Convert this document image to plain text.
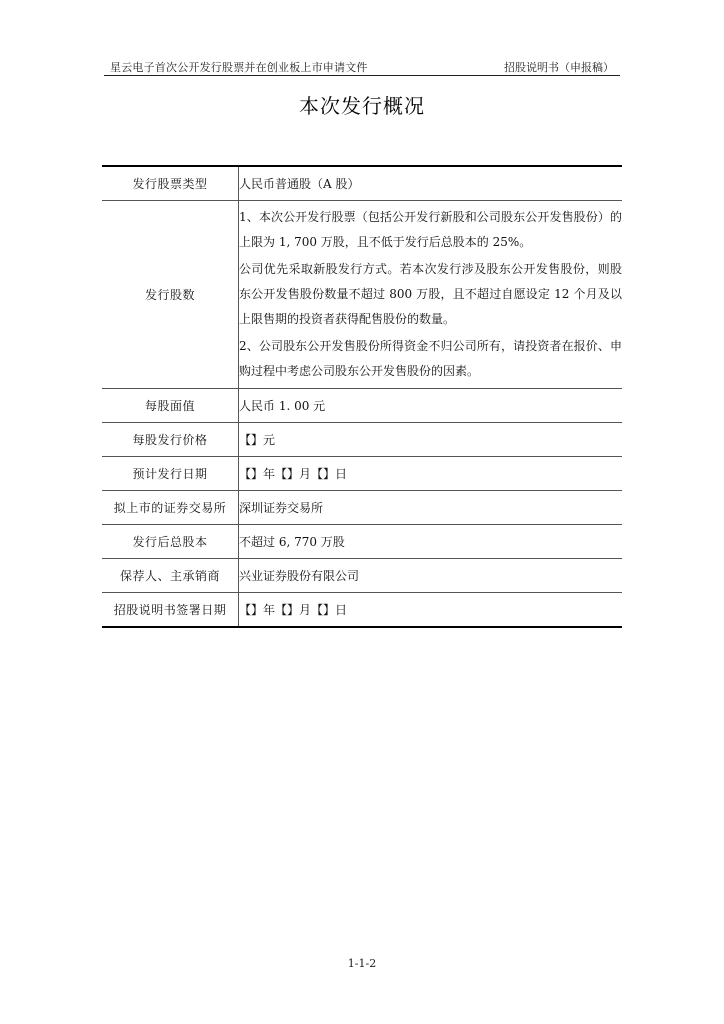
星云电子首次公开发行股票并在创业板上市申请文件	招股说明书（申报稿）
本次发行概况
发行股票类型	人民币普通股（A 股）
发行股数	1、本次公开发行股票（包括公开发行新股和公司股东公开发售股份）的上限为 1, 700 万股，且不低于发行后总股本的 25%。
公司优先采取新股发行方式。若本次发行涉及股东公开发售股份，则股东公开发售股份数量不超过 800 万股，且不超过自愿设定 12 个月及以上限售期的投资者获得配售股份的数量。
2、公司股东公开发售股份所得资金不归公司所有，请投资者在报价、申购过程中考虑公司股东公开发售股份的因素。

每股面值	人民币 1. 00 元
每股发行价格	【】元
预计发行日期	【】年【】月【】日
拟上市的证券交易所	深圳证券交易所
发行后总股本	不超过 6, 770 万股
保荐人、主承销商	兴业证券股份有限公司
招股说明书签署日期	【】年【】月【】日
1-1-2
